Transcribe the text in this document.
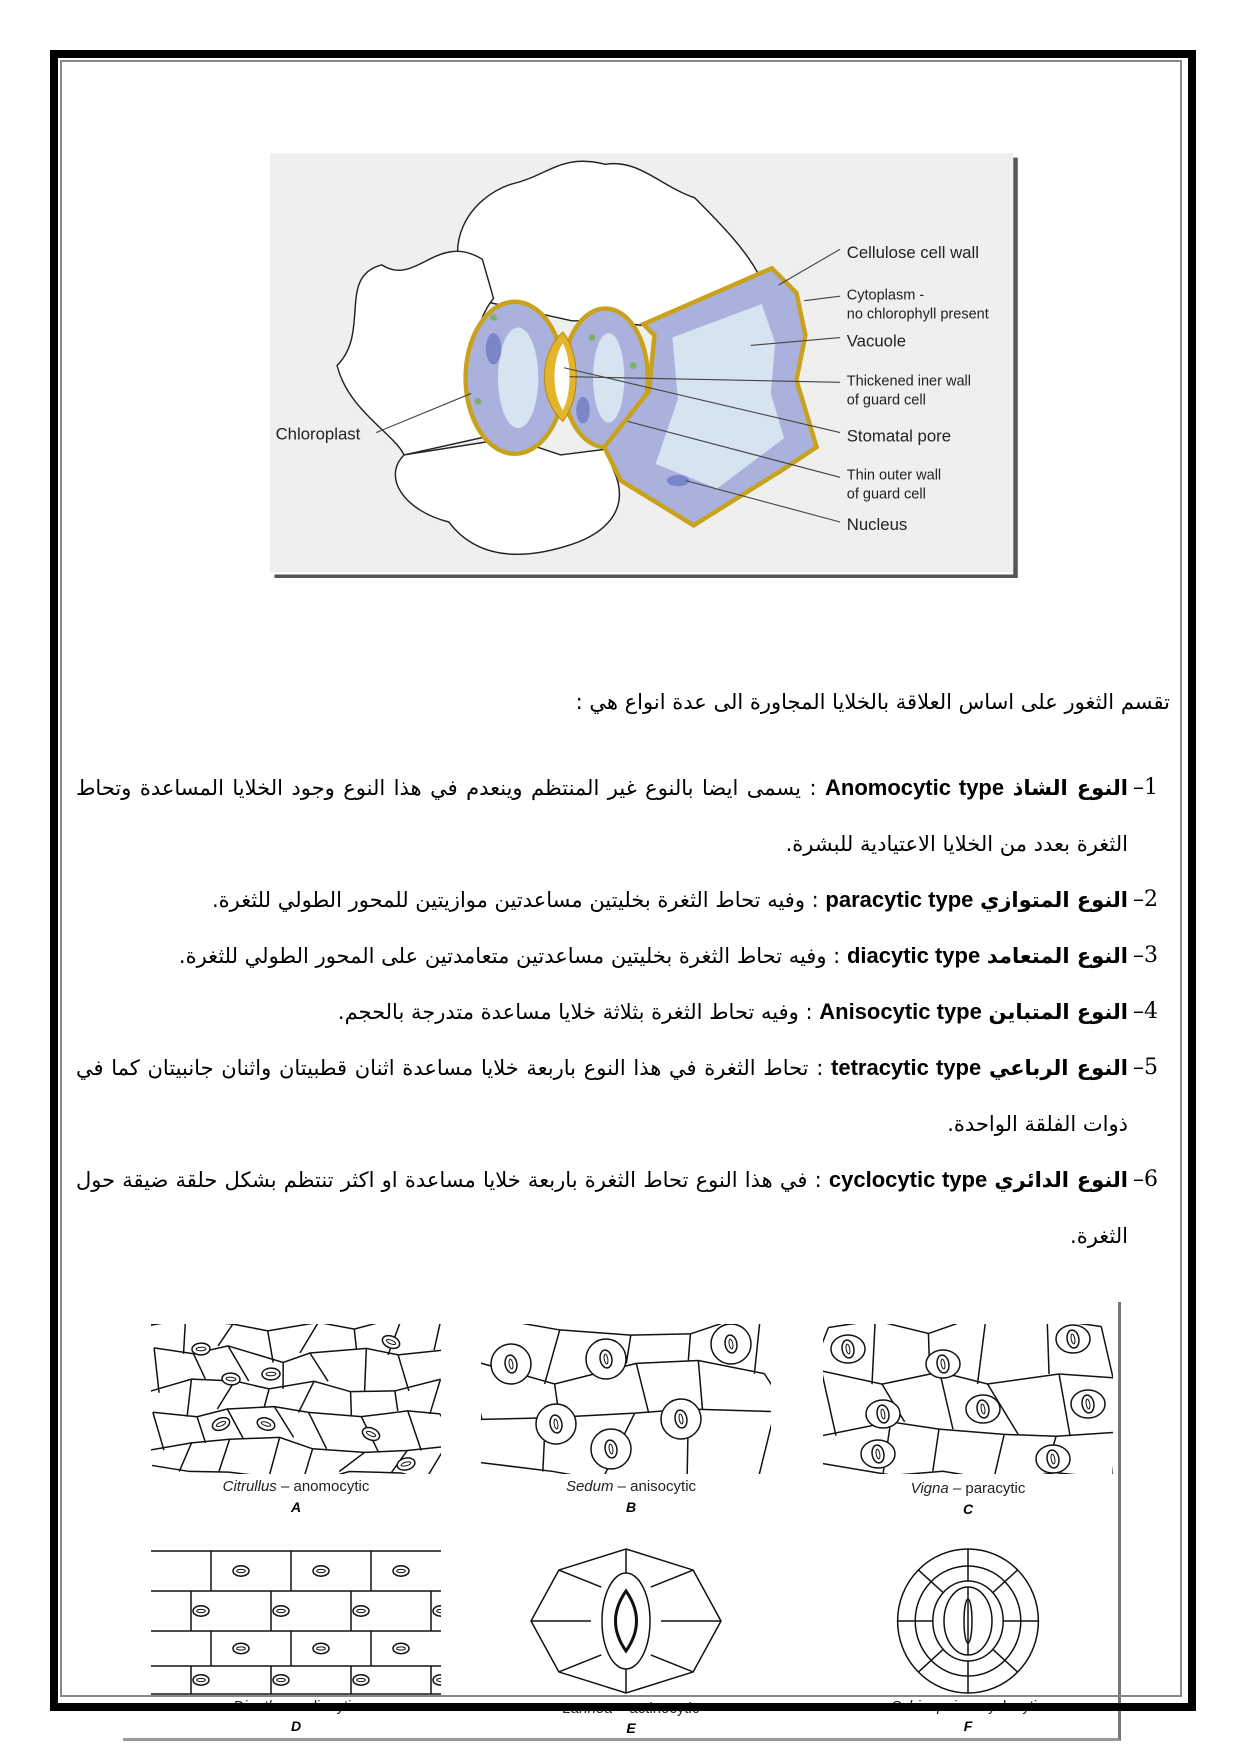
Cellulose cell wall
Cytoplasm -
no chlorophyll present
Vacuole
Thickened iner wall
of guard cell
Stomatal pore
Thin outer wall
of guard cell
Nucleus
Chloroplast
تقسم الثغور على اساس العلاقة بالخلايا المجاورة الى عدة انواع هي :
– 1
النوع الشاذ Anomocytic type : يسمى ايضا بالنوع غير المنتظم وينعدم في هذا النوع وجود الخلايا المساعدة وتحاط الثغرة بعدد من الخلايا الاعتيادية للبشرة.
– 2
النوع المتوازي paracytic type : وفيه تحاط الثغرة بخليتين مساعدتين موازيتين للمحور الطولي للثغرة.
– 3
النوع المتعامد diacytic type : وفيه تحاط الثغرة بخليتين مساعدتين متعامدتين على المحور الطولي للثغرة.
– 4
النوع المتباين Anisocytic type : وفيه تحاط الثغرة بثلاثة خلايا مساعدة متدرجة بالحجم.
– 5
النوع الرباعي tetracytic type : تحاط الثغرة في هذا النوع باربعة خلايا مساعدة اثنان قطبيتان واثنان جانبيتان كما في ذوات الفلقة الواحدة.
– 6
النوع الدائري cyclocytic type : في هذا النوع تحاط الثغرة باربعة خلايا مساعدة او اكثر تنتظم بشكل حلقة ضيقة حول الثغرة.
Citrullus – anomocytic
A
Sedum – anisocytic
B
Vigna – paracytic
C
Dianthus – diacytic
D
Lannea – actinocytic
E
Schinopsis – cyclocytic
F
